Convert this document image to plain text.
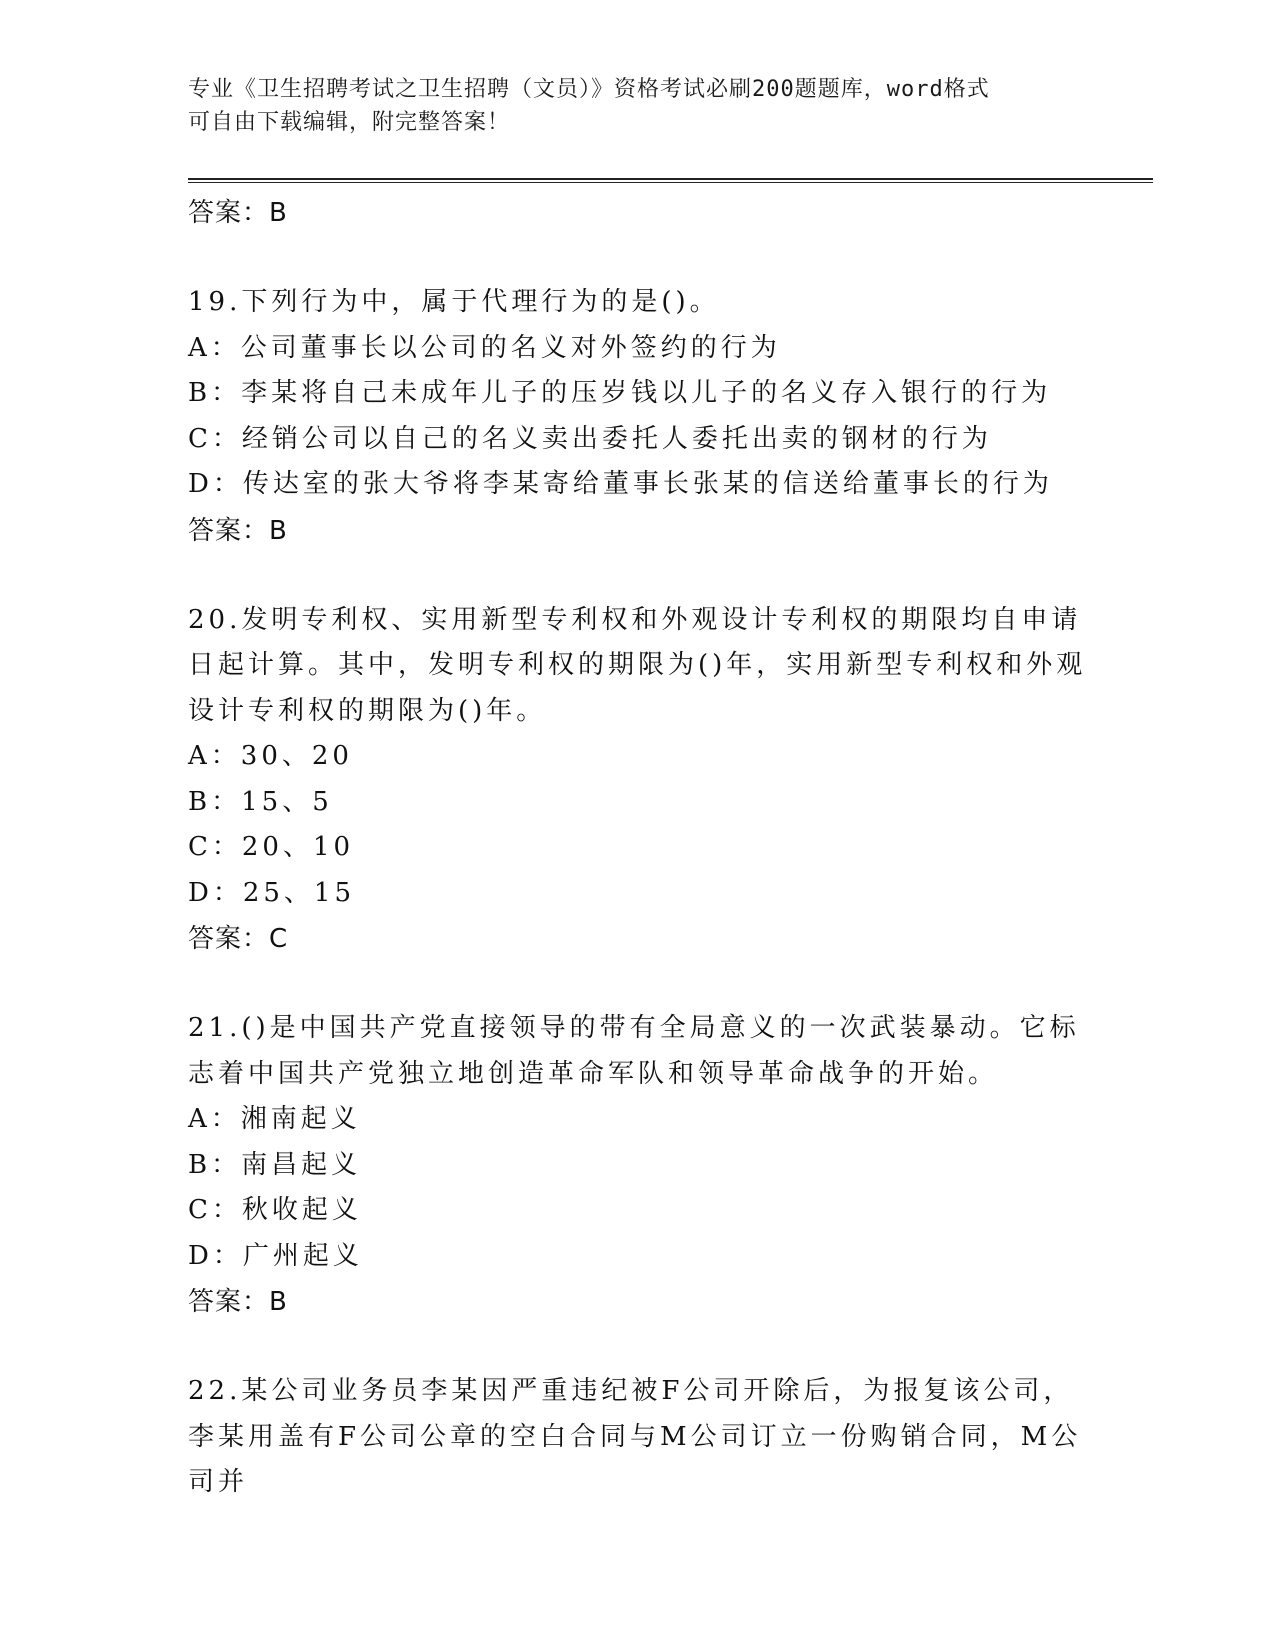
专业《卫生招聘考试之卫生招聘（文员）》资格考试必刷200题题库，word格式
可自由下载编辑，附完整答案！
答案：B
19.下列行为中，属于代理行为的是()。
A：公司董事长以公司的名义对外签约的行为
B：李某将自己未成年儿子的压岁钱以儿子的名义存入银行的行为
C：经销公司以自己的名义卖出委托人委托出卖的钢材的行为
D：传达室的张大爷将李某寄给董事长张某的信送给董事长的行为
答案：B
20.发明专利权、实用新型专利权和外观设计专利权的期限均自申请日起计算。其中，发明专利权的期限为()年，实用新型专利权和外观设计专利权的期限为()年。
A：30、20
B：15、5
C：20、10
D：25、15
答案：C
21.()是中国共产党直接领导的带有全局意义的一次武装暴动。它标志着中国共产党独立地创造革命军队和领导革命战争的开始。
A：湘南起义
B：南昌起义
C：秋收起义
D：广州起义
答案：B
22.某公司业务员李某因严重违纪被F公司开除后，为报复该公司，李某用盖有F公司公章的空白合同与M公司订立一份购销合同，M公司并
